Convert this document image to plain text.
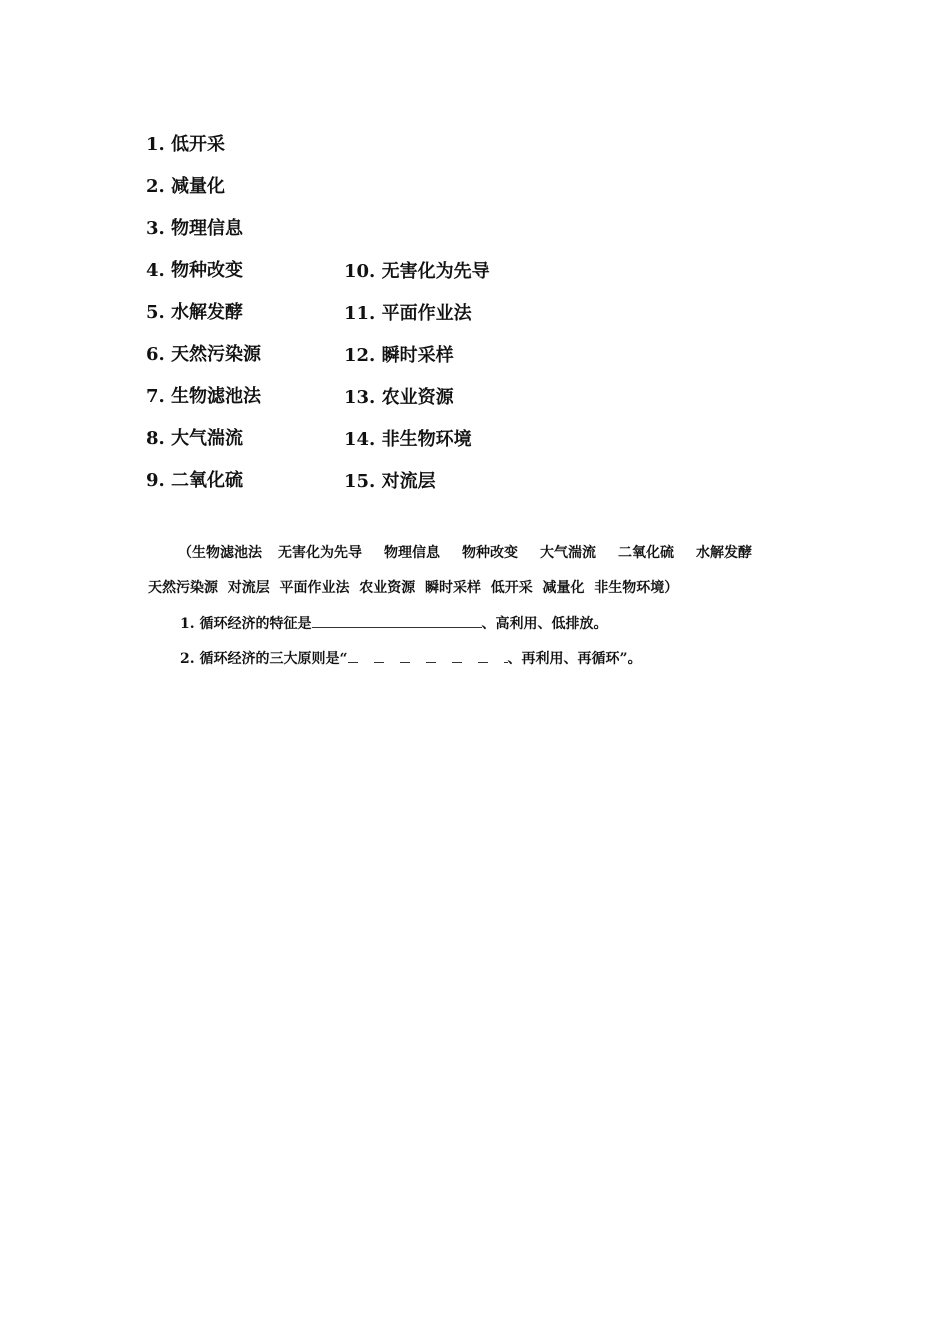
1. 低开采
2. 减量化
3. 物理信息
4. 物种改变
5. 水解发酵
6. 天然污染源
7. 生物滤池法
8. 大气湍流
9. 二氧化硫
10. 无害化为先导
11. 平面作业法
12. 瞬时采样
13. 农业资源
14. 非生物环境
15. 对流层
（生物滤池法 无害化为先导 物理信息 物种改变 大气湍流 二氧化硫 水解发酵
天然污染源  对流层  平面作业法  农业资源  瞬时采样  低开采  减量化  非生物环境）
1. 循环经济的特征是	、高利用、低排放。
2. 循环经济的三大原则是“	、再利用、再循环”。
